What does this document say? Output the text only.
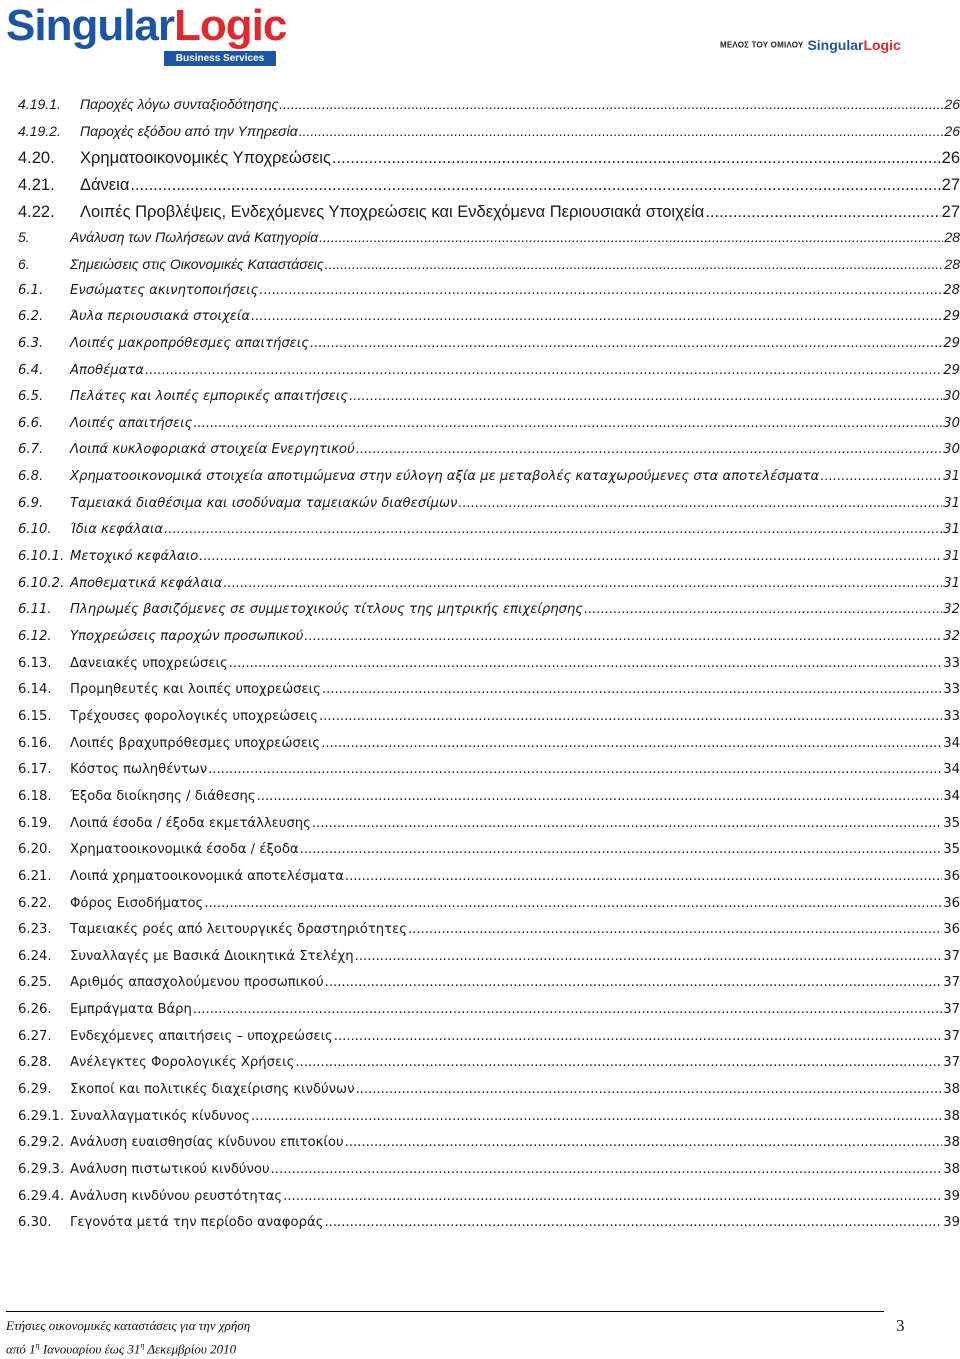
SingularLogic
Business Services
ΜΕΛΟΣ ΤΟΥ ΟΜΙΛΟΥ SingularLogic
4.19.1.	Παροχές λόγω συνταξιοδότησης .....	26
4.19.2.	Παροχές εξόδου από την Υπηρεσία .....	26
4.20.	Χρηματοοικονομικές Υποχρεώσεις .....	26
4.21.	Δάνεια .....	27
4.22.	Λοιπές Προβλέψεις, Ενδεχόμενες Υποχρεώσεις και Ενδεχόμενα Περιουσιακά στοιχεία .....	27
5.	Ανάλυση των Πωλήσεων ανά Κατηγορία .....	28
6.	Σημειώσεις στις Οικονομικές Καταστάσεις .....	28
6.1.	Ενσώματες ακινητοποιήσεις .....	28
6.2.	Άυλα περιουσιακά στοιχεία .....	29
6.3.	Λοιπές μακροπρόθεσμες απαιτήσεις .....	29
6.4.	Αποθέματα .....	29
6.5.	Πελάτες και λοιπές εμπορικές απαιτήσεις .....	30
6.6.	Λοιπές απαιτήσεις .....	30
6.7.	Λοιπά κυκλοφοριακά στοιχεία Ενεργητικού .....	30
6.8.	Χρηματοοικονομικά στοιχεία αποτιμώμενα στην εύλογη αξία με μεταβολές καταχωρούμενες στα αποτελέσματα .....	31
6.9.	Ταμειακά διαθέσιμα και ισοδύναμα ταμειακών διαθεσίμων .....	31
6.10.	Ίδια κεφάλαια .....	31
6.10.1. Μετοχικό κεφάλαιο .....	31
6.10.2. Αποθεματικά κεφάλαια .....	31
6.11.	Πληρωμές βασιζόμενες σε συμμετοχικούς τίτλους της μητρικής επιχείρησης .....	32
6.12.	Υποχρεώσεις παροχών προσωπικού .....	32
6.13.	Δανειακές υποχρεώσεις .....	33
6.14.	Προμηθευτές και λοιπές υποχρεώσεις .....	33
6.15.	Τρέχουσες φορολογικές υποχρεώσεις .....	33
6.16.	Λοιπές βραχυπρόθεσμες υποχρεώσεις .....	34
6.17.	Κόστος πωληθέντων .....	34
6.18.	Έξοδα διοίκησης / διάθεσης .....	34
6.19.	Λοιπά έσοδα / έξοδα εκμετάλλευσης .....	35
6.20.	Χρηματοοικονομικά έσοδα / έξοδα .....	35
6.21.	Λοιπά χρηματοοικονομικά αποτελέσματα .....	36
6.22.	Φόρος Εισοδήματος .....	36
6.23.	Ταμειακές ροές από λειτουργικές δραστηριότητες .....	36
6.24.	Συναλλαγές με Βασικά Διοικητικά Στελέχη .....	37
6.25.	Αριθμός απασχολούμενου προσωπικού .....	37
6.26.	Εμπράγματα Βάρη .....	37
6.27.	Ενδεχόμενες απαιτήσεις – υποχρεώσεις .....	37
6.28.	Ανέλεγκτες Φορολογικές Χρήσεις .....	37
6.29.	Σκοποί και πολιτικές διαχείρισης κινδύνων .....	38
6.29.1. Συναλλαγματικός κίνδυνος .....	38
6.29.2. Ανάλυση ευαισθησίας κίνδυνου επιτοκίου .....	38
6.29.3. Ανάλυση πιστωτικού κινδύνου .....	38
6.29.4. Ανάλυση κινδύνου ρευστότητας .....	39
6.30.	Γεγονότα μετά την περίοδο αναφοράς .....	39
Ετήσιες οικονομικές καταστάσεις για την χρήση
από $1^\eta$ Ιανουαρίου έως $31^\eta$ Δεκεμβρίου 2010
3
